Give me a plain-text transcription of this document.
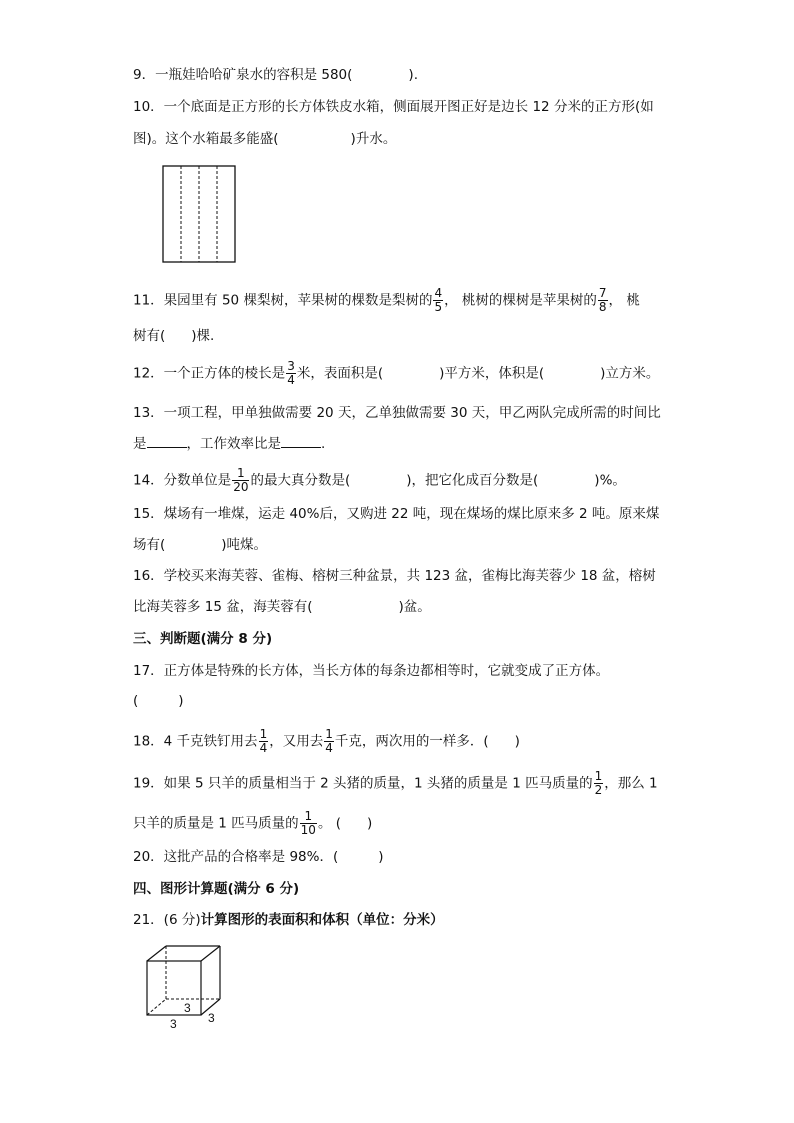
9．一瓶娃哈哈矿泉水的容积是 580(	).
10．一个底面是正方形的长方体铁皮水箱，侧面展开图正好是边长 12 分米的正方形(如
图)。这个水箱最多能盛(	)升水。
11．果园里有 50 棵梨树，苹果树的棵数是梨树的 $\frac{4}{5}$ ， 桃树的棵树是苹果树的 $\frac{7}{8}$ ， 桃
树有( )棵.
12．一个正方体的棱长是 $\frac{3}{4}$ 米，表面积是(	)平方米，体积是(	)立方米。
13．一项工程，甲单独做需要 20 天，乙单独做需要 30 天，甲乙两队完成所需的时间比
是	，工作效率比是	.
14．分数单位是 $\frac{1}{20}$ 的最大真分数是(	)，把它化成百分数是(	)%。
15．煤场有一堆煤，运走 40%后，又购进 22 吨，现在煤场的煤比原来多 2 吨。原来煤
场有(	)吨煤。
16．学校买来海芙蓉、雀梅、榕树三种盆景，共 123 盆，雀梅比海芙蓉少 18 盆，榕树
比海芙蓉多 15 盆，海芙蓉有(	)盆。
三、判断题(满分 8 分)
17．正方体是特殊的长方体，当长方体的每条边都相等时，它就变成了正方体。
(	)
18．4 千克铁钉用去 $\frac{1}{4}$ ，又用去 $\frac{1}{4}$ 千克，两次用的一样多．( )
19．如果 5 只羊的质量相当于 2 头猪的质量，1 头猪的质量是 1 匹马质量的 $\frac{1}{2}$ ，那么 1
只羊的质量是 1 匹马质量的 $\frac{1}{10}$ 。 ( )
20．这批产品的合格率是 98%．(	)
四、图形计算题(满分 6 分)
21．(6 分)计算图形的表面积和体积（单位：分米）
3
3	3
